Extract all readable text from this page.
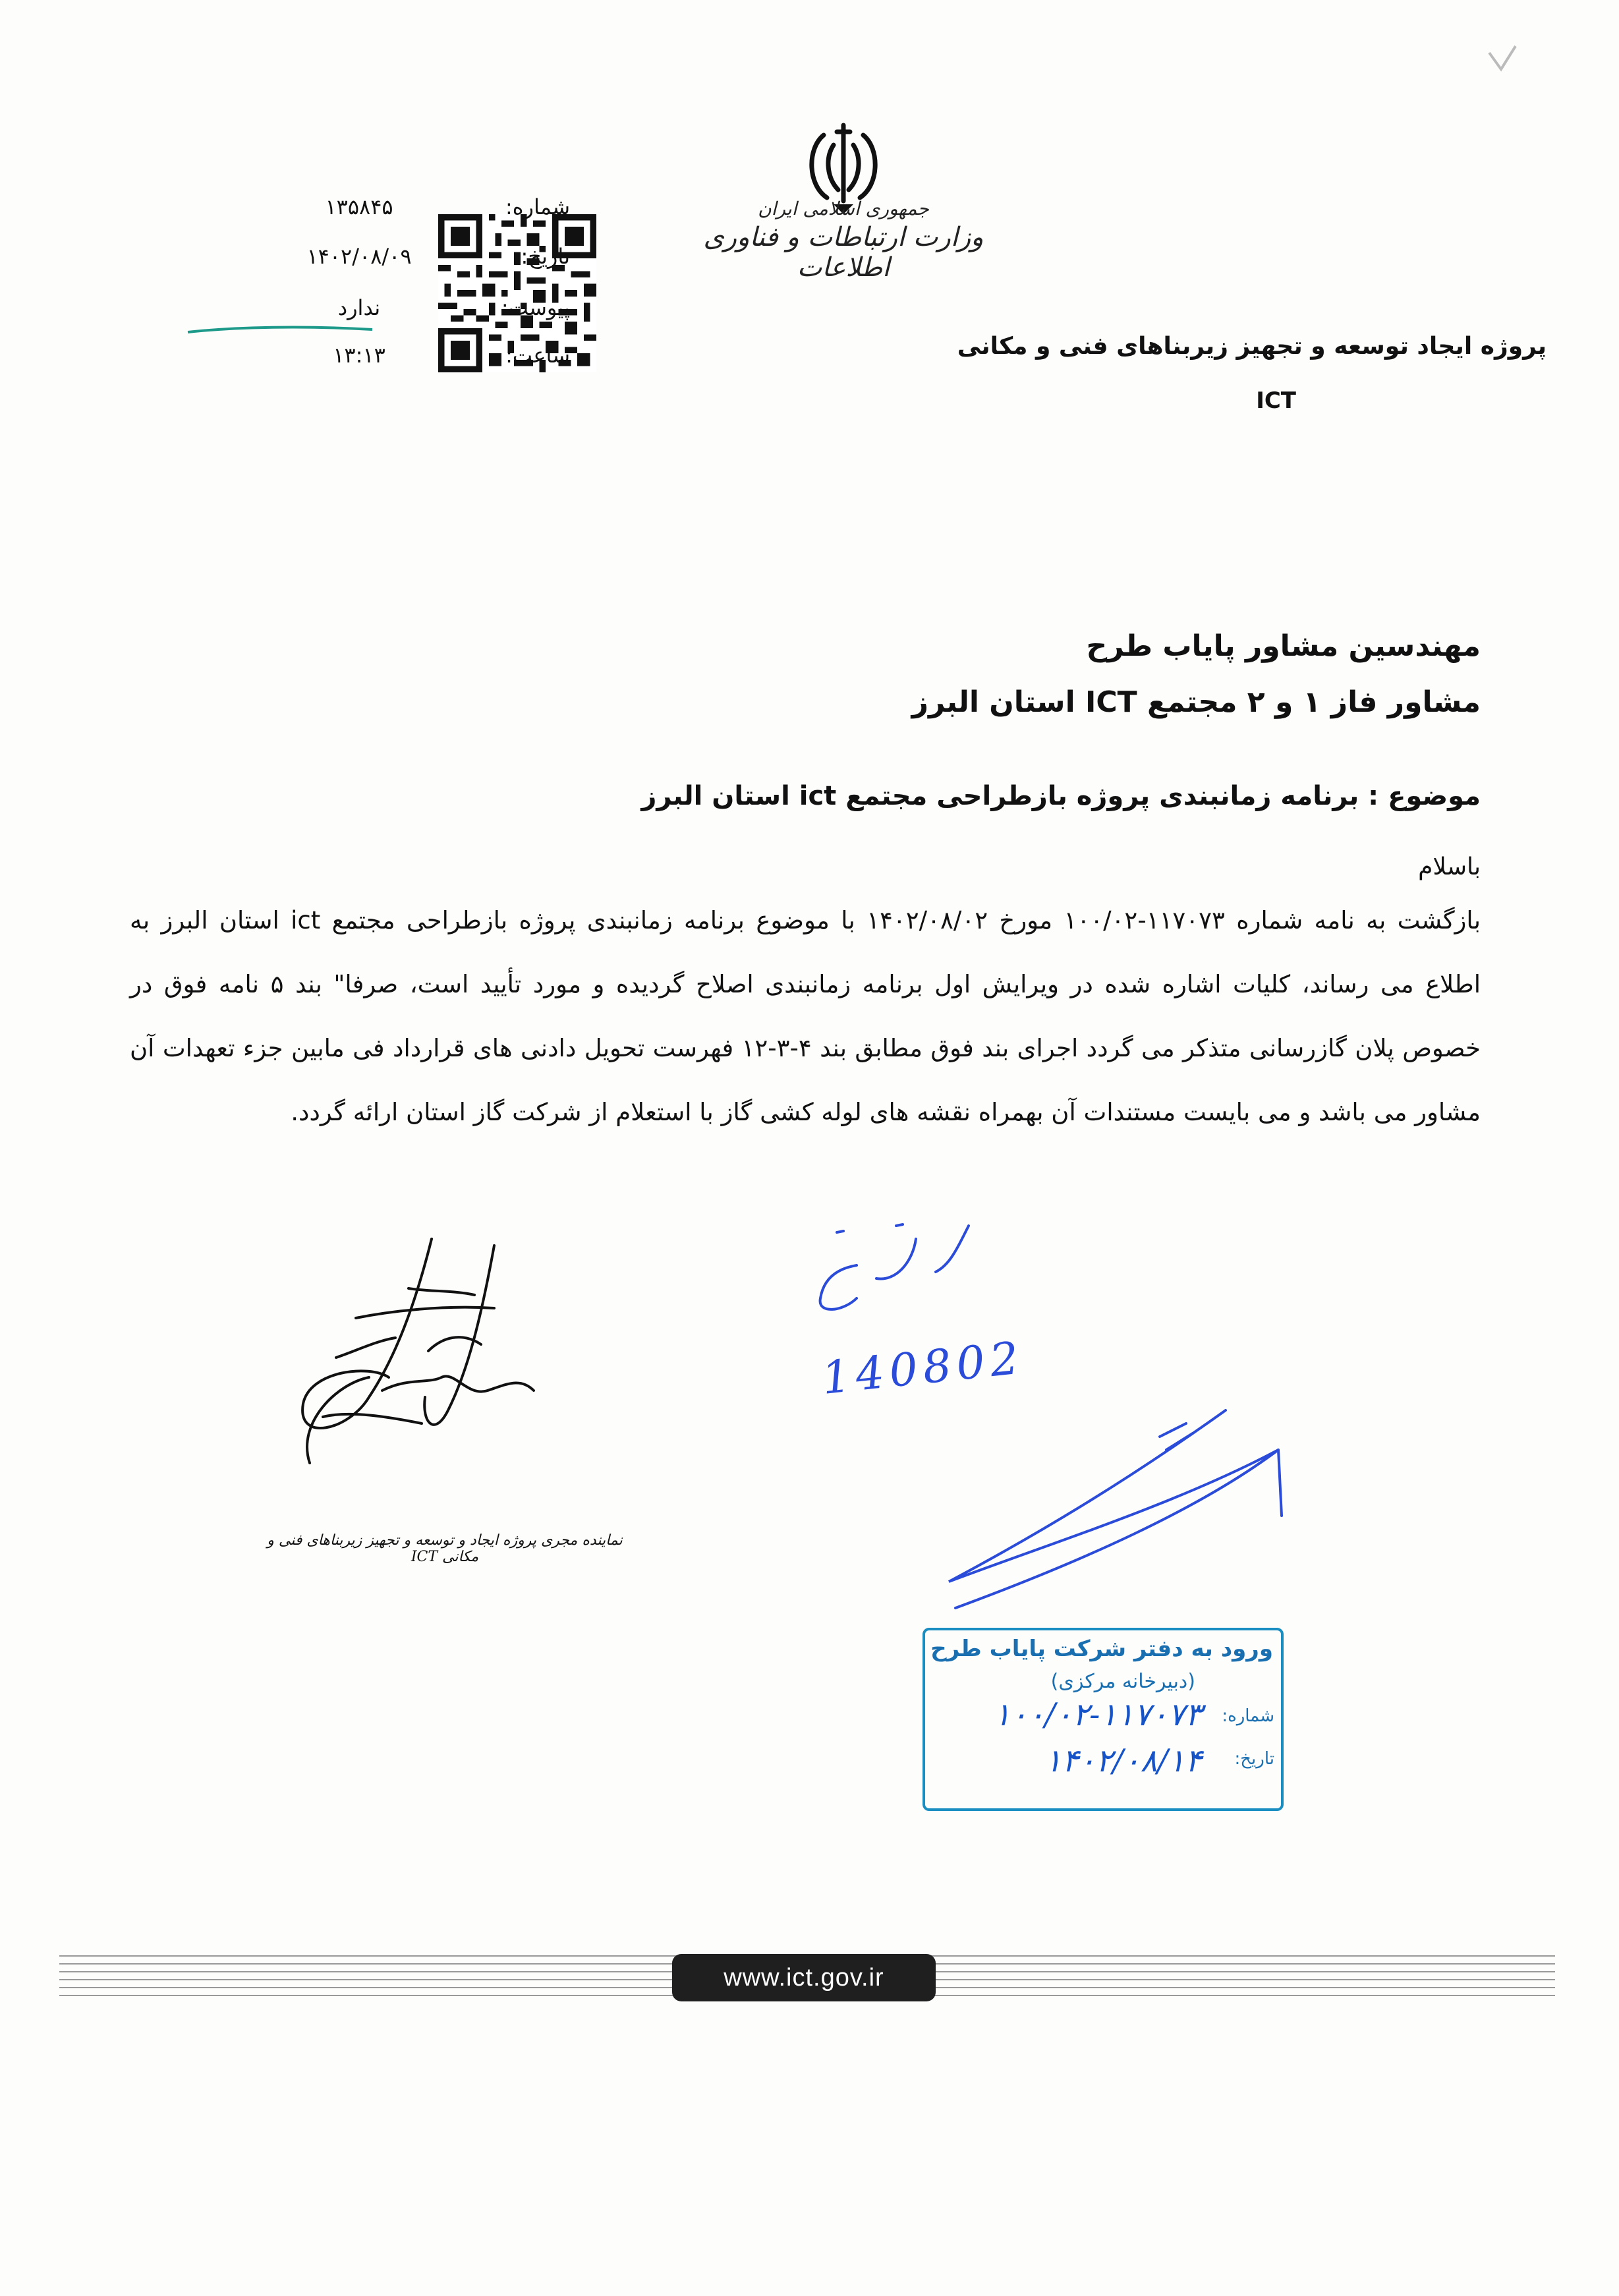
جمهوری اسلامی ایران
وزارت ارتباطات و فناوری اطلاعات
شماره:
۱۳۵۸۴۵
تاریخ:
۱۴۰۲/۰۸/۰۹
پیوست:
ندارد
ساعت:
۱۳:۱۳	پروژه ایجاد توسعه و تجهیز زیربناهای فنی و مکانی
ICT
مهندسین مشاور پایاب طرح
مشاور فاز ۱ و ۲ مجتمع ICT استان البرز
موضوع : برنامه زمانبندی پروژه بازطراحی مجتمع ict استان البرز
باسلام
بازگشت به نامه شماره ۱۱۷۰۷۳-۱۰۰/۰۲ مورخ ۱۴۰۲/۰۸/۰۲ با موضوع برنامه زمانبندی پروژه بازطراحی مجتمع ict استان البرز به اطلاع می رساند، کلیات اشاره شده در ویرایش اول برنامه زمانبندی اصلاح گردیده و مورد تأیید است، صرفا" بند ۵ نامه فوق در خصوص پلان گازرسانی متذکر می گردد اجرای بند فوق مطابق بند ۴-۳-۱۲ فهرست تحویل دادنی های قرارداد فی مابین جزء تعهدات آن مشاور می باشد و می بایست مستندات آن بهمراه نقشه های لوله کشی گاز با استعلام از شرکت گاز استان ارائه گردد.
نماینده مجری پروژه ایجاد و توسعه و تجهیز زیربناهای فنی و مکانی ICT
140802
ورود به دفتر شرکت پایاب طرح
(دبیرخانه مرکزی)
شماره:
۱۰۰/۰۲-۱۱۷۰۷۳
تاریخ:
۱۴۰۲/۰۸/۱۴
www.ict.gov.ir
